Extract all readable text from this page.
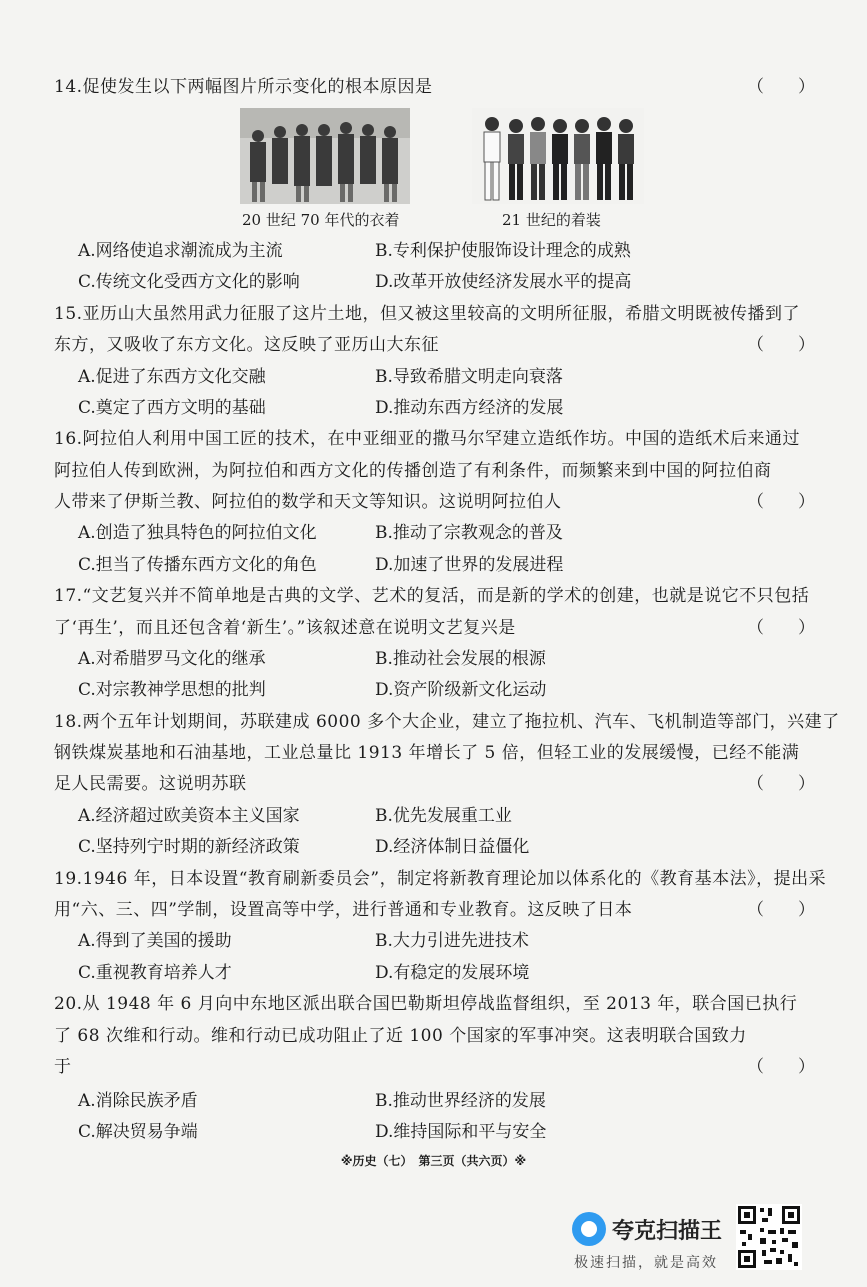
14.促使发生以下两幅图片所示变化的根本原因是	（　　）
20 世纪 70 年代的衣着	21 世纪的着装
A.网络使追求潮流成为主流	B.专利保护使服饰设计理念的成熟
C.传统文化受西方文化的影响	D.改革开放使经济发展水平的提高
15.亚历山大虽然用武力征服了这片土地，但又被这里较高的文明所征服，希腊文明既被传播到了
东方，又吸收了东方文化。这反映了亚历山大东征	（　　）
A.促进了东西方文化交融	B.导致希腊文明走向衰落
C.奠定了西方文明的基础	D.推动东西方经济的发展
16.阿拉伯人利用中国工匠的技术，在中亚细亚的撒马尔罕建立造纸作坊。中国的造纸术后来通过
阿拉伯人传到欧洲，为阿拉伯和西方文化的传播创造了有利条件，而频繁来到中国的阿拉伯商
人带来了伊斯兰教、阿拉伯的数学和天文等知识。这说明阿拉伯人	（　　）
A.创造了独具特色的阿拉伯文化	B.推动了宗教观念的普及
C.担当了传播东西方文化的角色	D.加速了世界的发展进程
17.“文艺复兴并不简单地是古典的文学、艺术的复活，而是新的学术的创建，也就是说它不只包括
了‘再生’，而且还包含着‘新生’。”该叙述意在说明文艺复兴是	（　　）
A.对希腊罗马文化的继承	B.推动社会发展的根源
C.对宗教神学思想的批判	D.资产阶级新文化运动
18.两个五年计划期间，苏联建成 6000 多个大企业，建立了拖拉机、汽车、飞机制造等部门，兴建了
钢铁煤炭基地和石油基地，工业总量比 1913 年增长了 5 倍，但轻工业的发展缓慢，已经不能满
足人民需要。这说明苏联	（　　）
A.经济超过欧美资本主义国家	B.优先发展重工业
C.坚持列宁时期的新经济政策	D.经济体制日益僵化
19.1946 年，日本设置“教育刷新委员会”，制定将新教育理论加以体系化的《教育基本法》，提出采
用“六、三、四”学制，设置高等中学，进行普通和专业教育。这反映了日本	（　　）
A.得到了美国的援助	B.大力引进先进技术
C.重视教育培养人才	D.有稳定的发展环境
20.从 1948 年 6 月向中东地区派出联合国巴勒斯坦停战监督组织，至 2013 年，联合国已执行
了 68 次维和行动。维和行动已成功阻止了近 100 个国家的军事冲突。这表明联合国致力
于	（　　）
A.消除民族矛盾	B.推动世界经济的发展
C.解决贸易争端	D.维持国际和平与安全
※历史（七）　第三页（共六页）※
夸克扫描王
极速扫描，就是高效
